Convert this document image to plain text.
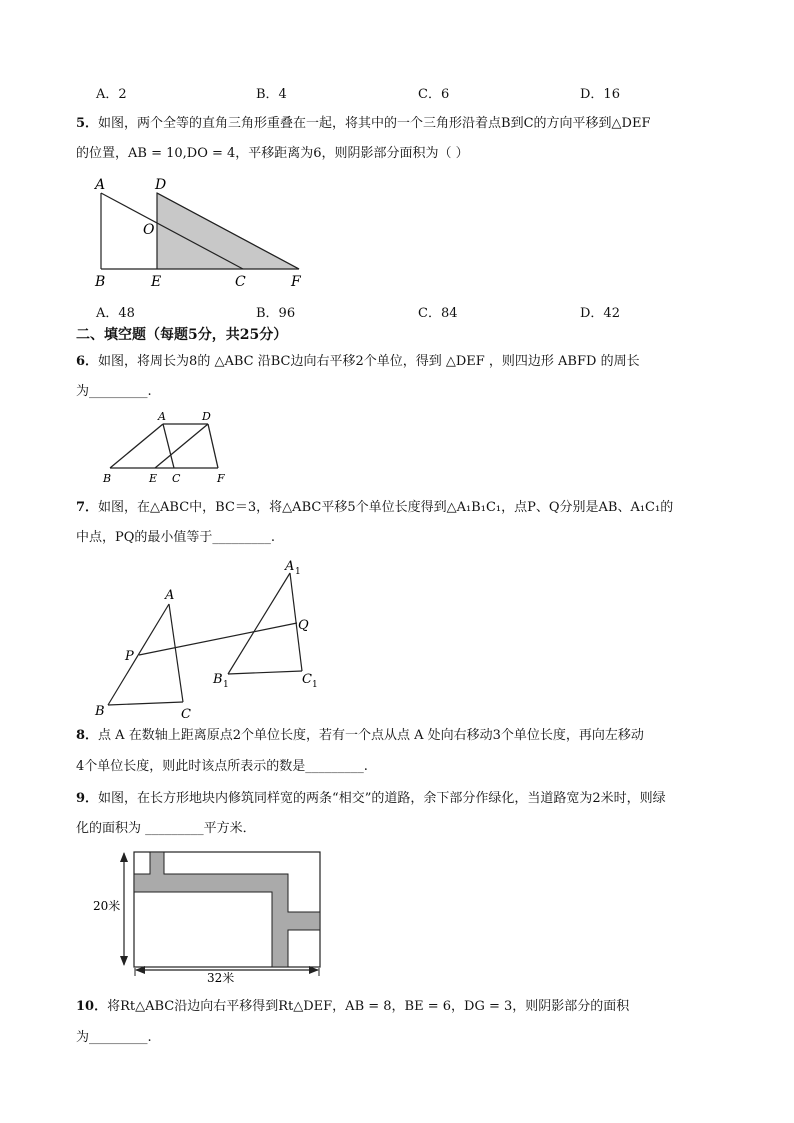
A．2	B．4	C．6	D．16
5．如图，两个全等的直角三角形重叠在一起，将其中的一个三角形沿着点B到C的方向平移到△DEF
的位置，AB = 10,DO = 4，平移距离为6，则阴影部分面积为（ ）
A	D
O
B	E	C	F
A．48	B．96	C．84	D．42
二、填空题（每题5分，共25分）
6．如图，将周长为8的 △ABC 沿BC边向右平移2个单位，得到 △DEF ，则四边形 ABFD 的周长
为_________.
A	D
B	E C	F
7．如图，在△ABC中，BC＝3，将△ABC平移5个单位长度得到△A₁B₁C₁，点P、Q分别是AB、A₁C₁的
中点，PQ的最小值等于_________.
A
P
B	C
A 1
Q
B 1	C 1
8．点 A 在数轴上距离原点2个单位长度，若有一个点从点 A 处向右移动3个单位长度，再向左移动
4个单位长度，则此时该点所表示的数是_________.
9．如图，在长方形地块内修筑同样宽的两条“相交”的道路，余下部分作绿化，当道路宽为2米时，则绿
化的面积为 _________平方米．
20米
32米
10．将Rt△ABC沿边向右平移得到Rt△DEF，AB = 8，BE = 6，DG = 3，则阴影部分的面积
为_________.
